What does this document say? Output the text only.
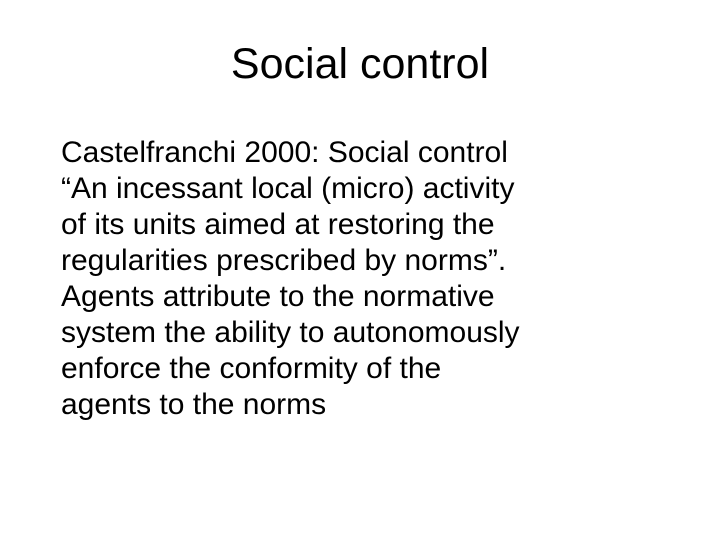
Social control

Castelfranchi 2000: Social control
“An incessant local (micro) activity
of its units aimed at restoring the
regularities prescribed by norms”.

Agents attribute to the normative
system the ability to autonomously
enforce the conformity of the
agents to the norms
